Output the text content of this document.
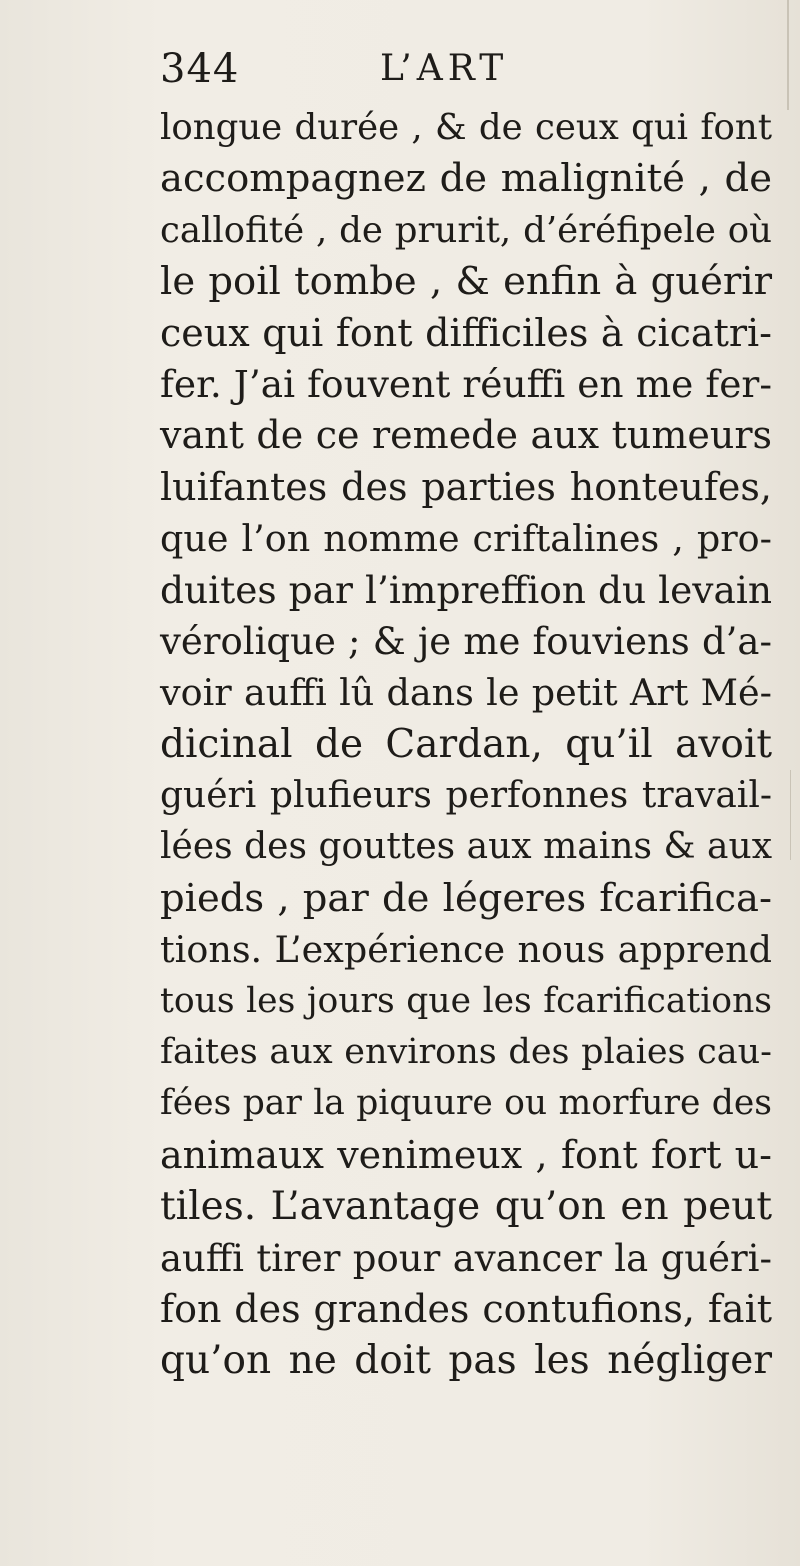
344	L’ART
longue durée , & de ceux qui font
accompagnez de malignité , de
callofité , de prurit, d’éréfipele où
le poil tombe , & enfin à guérir
ceux qui font difficiles à cicatri-
fer. J’ai fouvent réuffi en me fer-
vant de ce remede aux tumeurs
luifantes des parties honteufes,
que l’on nomme criftalines , pro-
duites par l’impreffion du levain
vérolique ; & je me fouviens d’a-
voir auffi lû dans le petit Art Mé-
dicinal de Cardan, qu’il avoit
guéri plufieurs perfonnes travail-
lées des gouttes aux mains & aux
pieds , par de légeres fcarifica-
tions. L’expérience nous apprend
tous les jours que les fcarifications
faites aux environs des plaies cau-
fées par la piquure ou morfure des
animaux venimeux , font fort u-
tiles. L’avantage qu’on en peut
auffi tirer pour avancer la guéri-
fon des grandes contufions, fait
qu’on ne doit pas les négliger
